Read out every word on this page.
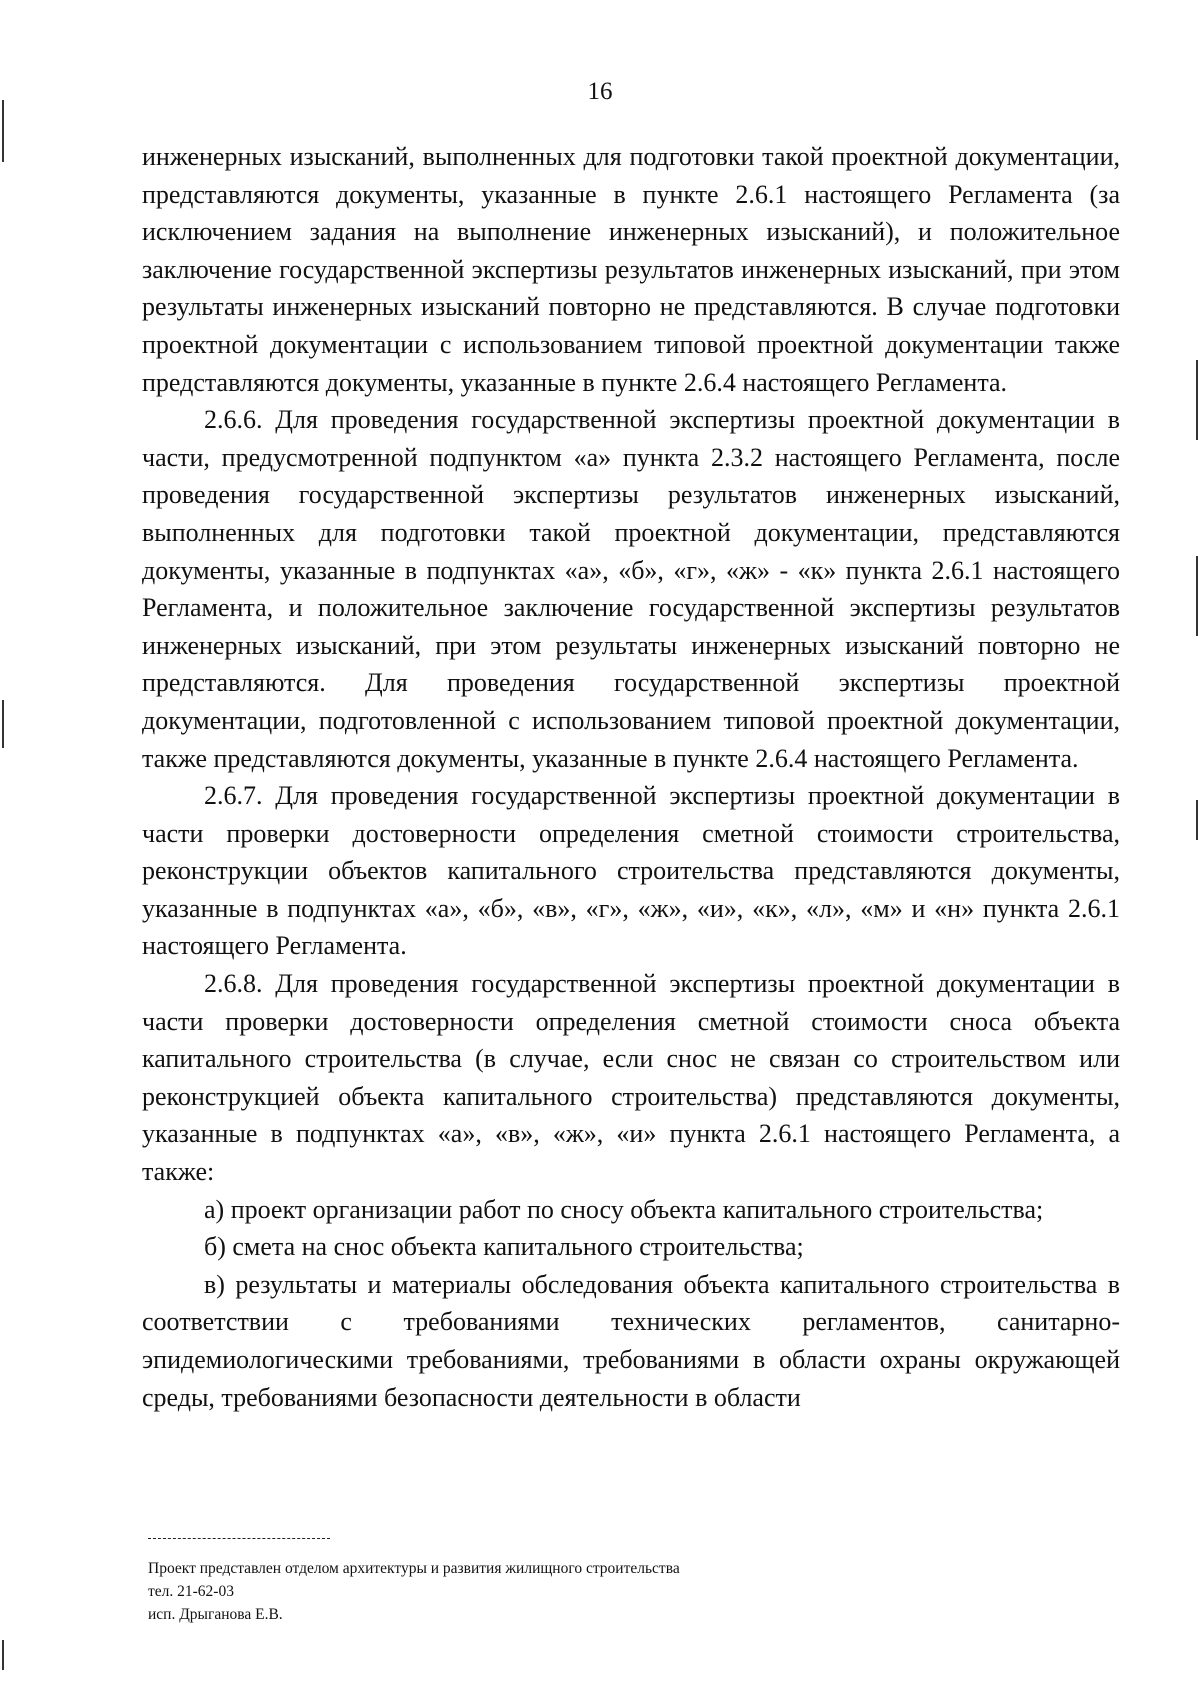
16

инженерных изысканий, выполненных для подготовки такой проектной документации, представляются документы, указанные в пункте 2.6.1 настоящего Регламента (за исключением задания на выполнение инженерных изысканий), и положительное заключение государственной экспертизы результатов инженерных изысканий, при этом результаты инженерных изысканий повторно не представляются. В случае подготовки проектной документации с использованием типовой проектной документации также представляются документы, указанные в пункте 2.6.4 настоящего Регламента.

2.6.6. Для проведения государственной экспертизы проектной документации в части, предусмотренной подпунктом «а» пункта 2.3.2 настоящего Регламента, после проведения государственной экспертизы результатов инженерных изысканий, выполненных для подготовки такой проектной документации, представляются документы, указанные в подпунктах «а», «б», «г», «ж» - «к» пункта 2.6.1 настоящего Регламента, и положительное заключение государственной экспертизы результатов инженерных изысканий, при этом результаты инженерных изысканий повторно не представляются. Для проведения государственной экспертизы проектной документации, подготовленной с использованием типовой проектной документации, также представляются документы, указанные в пункте 2.6.4 настоящего Регламента.

2.6.7. Для проведения государственной экспертизы проектной документации в части проверки достоверности определения сметной стоимости строительства, реконструкции объектов капитального строительства представляются документы, указанные в подпунктах «а», «б», «в», «г», «ж», «и», «к», «л», «м» и «н» пункта 2.6.1 настоящего Регламента.

2.6.8. Для проведения государственной экспертизы проектной документации в части проверки достоверности определения сметной стоимости сноса объекта капитального строительства (в случае, если снос не связан со строительством или реконструкцией объекта капитального строительства) представляются документы, указанные в подпунктах «а», «в», «ж», «и» пункта 2.6.1 настоящего Регламента, а также:

а) проект организации работ по сносу объекта капитального строительства;

б) смета на снос объекта капитального строительства;

в) результаты и материалы обследования объекта капитального строительства в соответствии с требованиями технических регламентов, санитарно-эпидемиологическими требованиями, требованиями в области охраны окружающей среды, требованиями безопасности деятельности в области

Проект представлен отделом архитектуры и развития жилищного строительства
тел. 21-62-03
исп. Дрыганова Е.В.
